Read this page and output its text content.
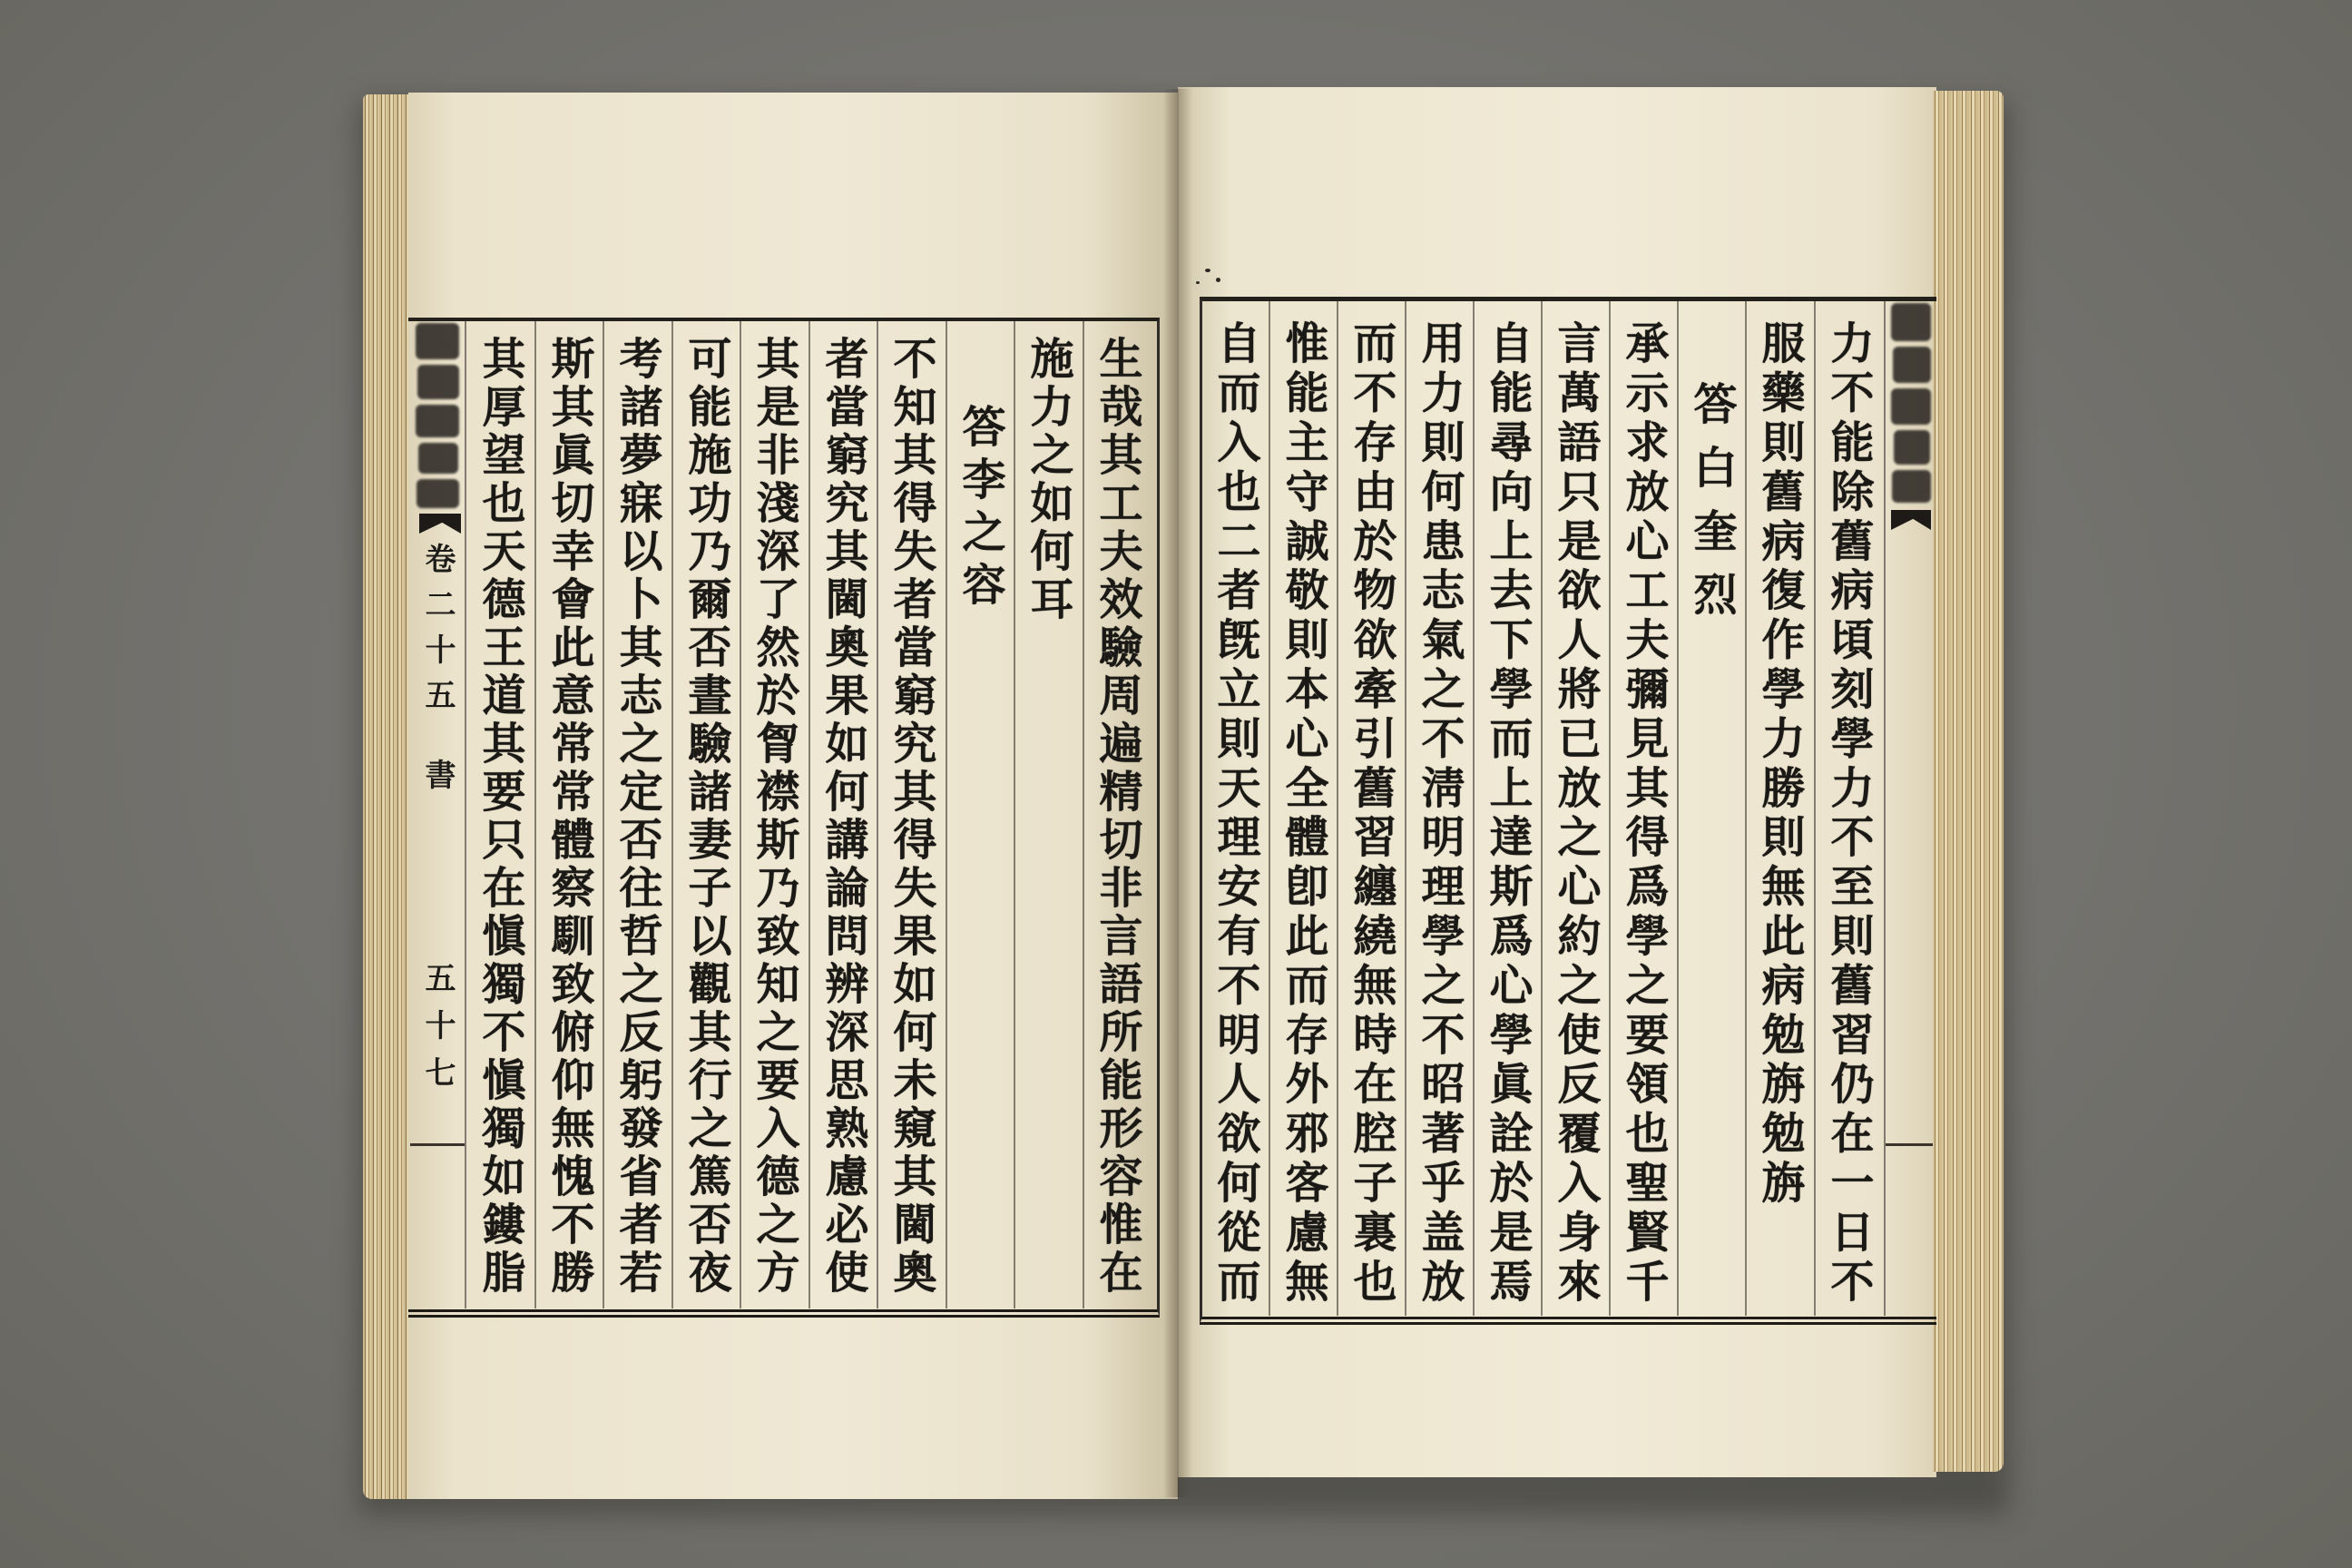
卷二十五
書
五十七	生哉其工夫效驗周遍精切非言語所能形容惟在
施力之如何耳
答李之容
不知其得失者當窮究其得失果如何未窺其閫奧
者當窮究其閫奧果如何講論問辨深思熟慮必使
其是非淺深了然於胷襟斯乃致知之要入德之方
可能施功乃爾否晝驗諸妻子以觀其行之篤否夜
考諸夢寐以卜其志之定否往哲之反躬發省者若
斯其眞切幸會此意常常體察馴致俯仰無愧不勝
其厚望也天德王道其要只在愼獨不愼獨如鏤脂	力不能除舊病頃刻學力不至則舊習仍在一日不
服藥則舊病復作學力勝則無此病勉旃勉旃
答白奎烈
承示求放心工夫彌見其得爲學之要領也聖賢千
言萬語只是欲人將已放之心約之使反覆入身來
自能尋向上去下學而上達斯爲心學眞詮於是焉
用力則何患志氣之不淸明理學之不昭著乎盖放
而不存由於物欲牽引舊習纏繞無時在腔子裏也
惟能主守誠敬則本心全體卽此而存外邪客慮無
自而入也二者旣立則天理安有不明人欲何從而
